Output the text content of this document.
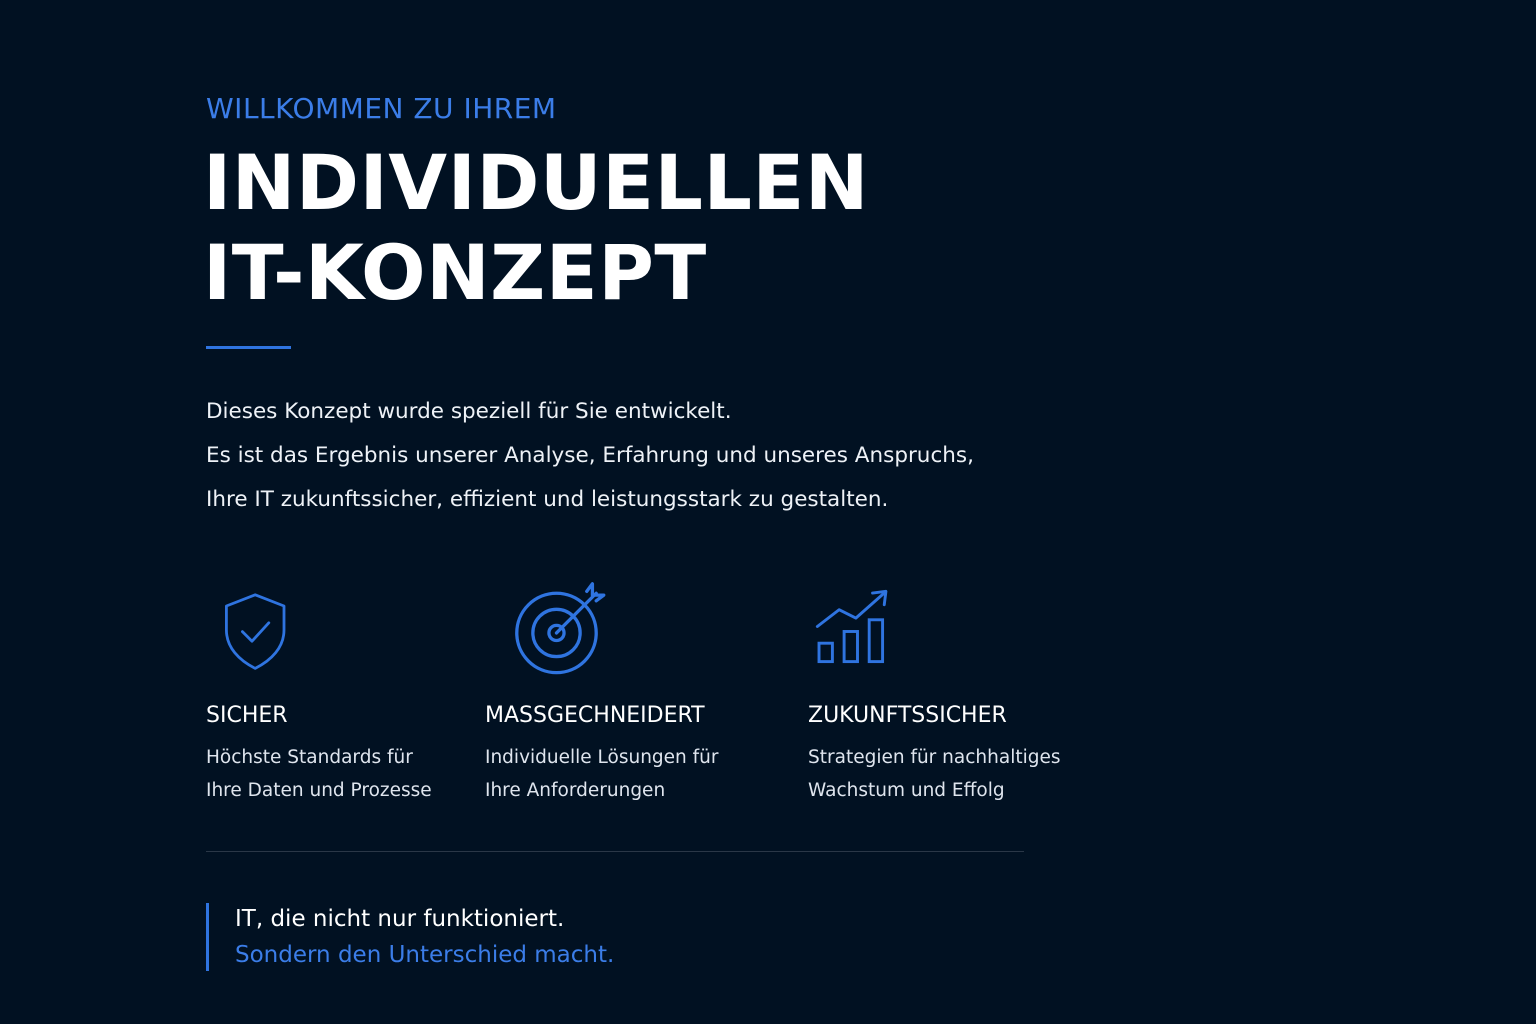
WILLKOMMEN ZU IHREM
INDIVIDUELLEN
IT-KONZEPT
Dieses Konzept wurde speziell für Sie entwickelt.
Es ist das Ergebnis unserer Analyse, Erfahrung und unseres Anspruchs,
Ihre IT zukunftssicher, effizient und leistungsstark zu gestalten.
SICHER
Höchste Standards für
Ihre Daten und Prozesse
MASSGECHNEIDERT
Individuelle Lösungen für
Ihre Anforderungen
ZUKUNFTSSICHER
Strategien für nachhaltiges
Wachstum und Effolg
IT, die nicht nur funktioniert.
Sondern den Unterschied macht.
